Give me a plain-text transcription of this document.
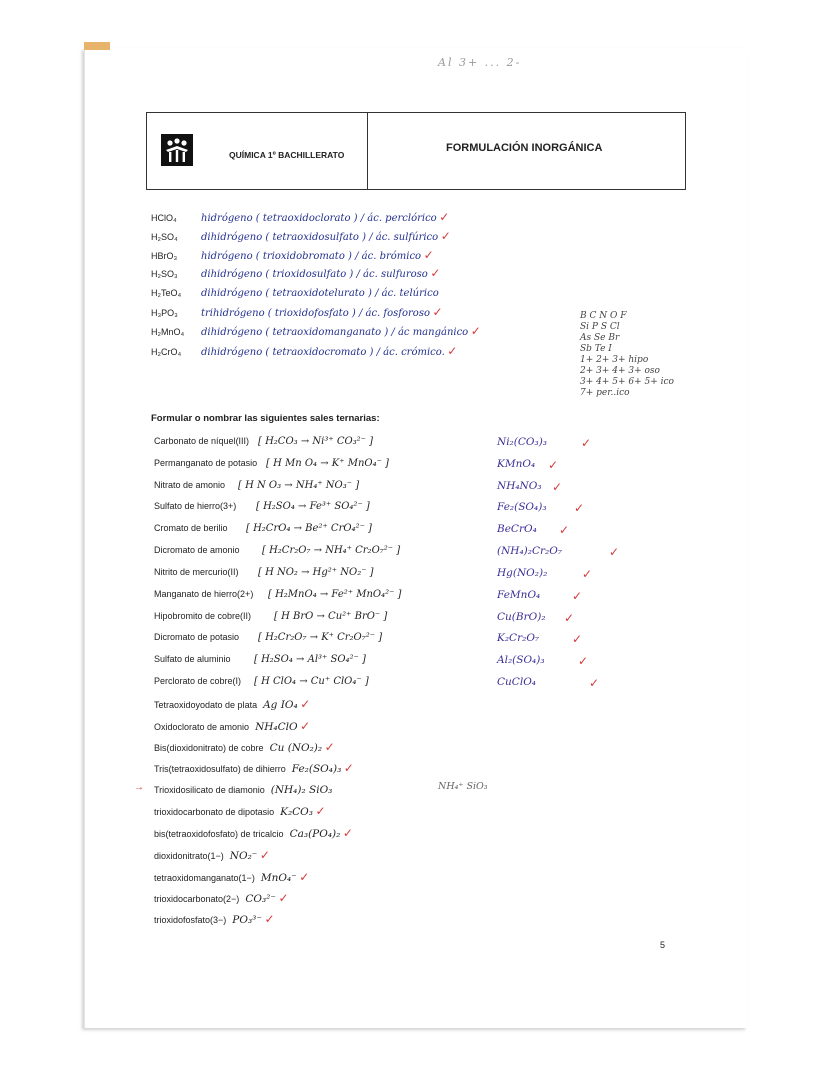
Al 3+ ... 2-
QUÍMICA 1º BACHILLERATO
FORMULACIÓN INORGÁNICA
HClO₄ hidrógeno ( tetraoxidoclorato ) / ác. perclórico ✓
H₂SO₄ dihidrógeno ( tetraoxidosulfato ) / ác. sulfúrico ✓
HBrO₃ hidrógeno ( trioxidobromato ) / ác. brómico ✓
H₂SO₃ dihidrógeno ( trioxidosulfato ) / ác. sulfuroso ✓
H₂TeO₄ dihidrógeno ( tetraoxidotelurato ) / ác. telúrico
H₃PO₃ trihidrógeno ( trioxidofosfato ) / ác. fosforoso ✓
H₂MnO₄ dihidrógeno ( tetraoxidomanganato ) / ác mangánico ✓
H₂CrO₄ dihidrógeno ( tetraoxidocromato ) / ác. crómico. ✓
B C N O F
Si P S Cl
As Se Br
Sb Te I
1+ 2+ 3+ hipo
2+ 3+ 4+ 3+ oso
3+ 4+ 5+ 6+ 5+ ico
7+ per..ico
Formular o nombrar las siguientes sales ternarias:
Carbonato de níquel(III) [ H₂CO₃ → Ni³⁺ CO₃²⁻ ]	Ni₂(CO₃)₃	✓
Permanganato de potasio [ H Mn O₄ → K⁺ MnO₄⁻ ]	KMnO₄ ✓
Nitrato de amonio [ H N O₃ → NH₄⁺ NO₃⁻ ]	NH₄NO₃ ✓
Sulfato de hierro(3+) [ H₂SO₄ → Fe³⁺ SO₄²⁻ ]	Fe₂(SO₄)₃ ✓
Cromato de berilio [ H₂CrO₄ → Be²⁺ CrO₄²⁻ ]	BeCrO₄ ✓
Dicromato de amonio [ H₂Cr₂O₇ → NH₄⁺ Cr₂O₇²⁻ ]	(NH₄)₂Cr₂O₇	✓
Nitrito de mercurio(II) [ H NO₂ → Hg²⁺ NO₂⁻ ]	Hg(NO₂)₂	✓
Manganato de hierro(2+) [ H₂MnO₄ → Fe²⁺ MnO₄²⁻ ]	FeMnO₄	✓
Hipobromito de cobre(II) [ H BrO → Cu²⁺ BrO⁻ ]	Cu(BrO)₂ ✓
Dicromato de potasio [ H₂Cr₂O₇ → K⁺ Cr₂O₇²⁻ ]	K₂Cr₂O₇	✓
Sulfato de aluminio [ H₂SO₄ → Al³⁺ SO₄²⁻ ]	Al₂(SO₄)₃	✓
Perclorato de cobre(I) [ H ClO₄ → Cu⁺ ClO₄⁻ ]	CuClO₄	✓
Tetraoxidoyodato de plata Ag IO₄ ✓
Oxidoclorato de amonio NH₄ClO ✓
Bis(dioxidonitrato) de cobre Cu (NO₂)₂ ✓
Tris(tetraoxidosulfato) de dihierro Fe₂(SO₄)₃ ✓
Trioxidosilicato de diamonio (NH₄)₂ SiO₃
trioxidocarbonato de dipotasio K₂CO₃ ✓
bis(tetraoxidofosfato) de tricalcio Ca₃(PO₄)₂ ✓
dioxidonitrato(1−) NO₂⁻ ✓
tetraoxidomanganato(1−) MnO₄⁻ ✓
trioxidocarbonato(2−) CO₃²⁻ ✓
trioxidofosfato(3−) PO₃³⁻ ✓
→	NH₄⁺ SiO₃
5
